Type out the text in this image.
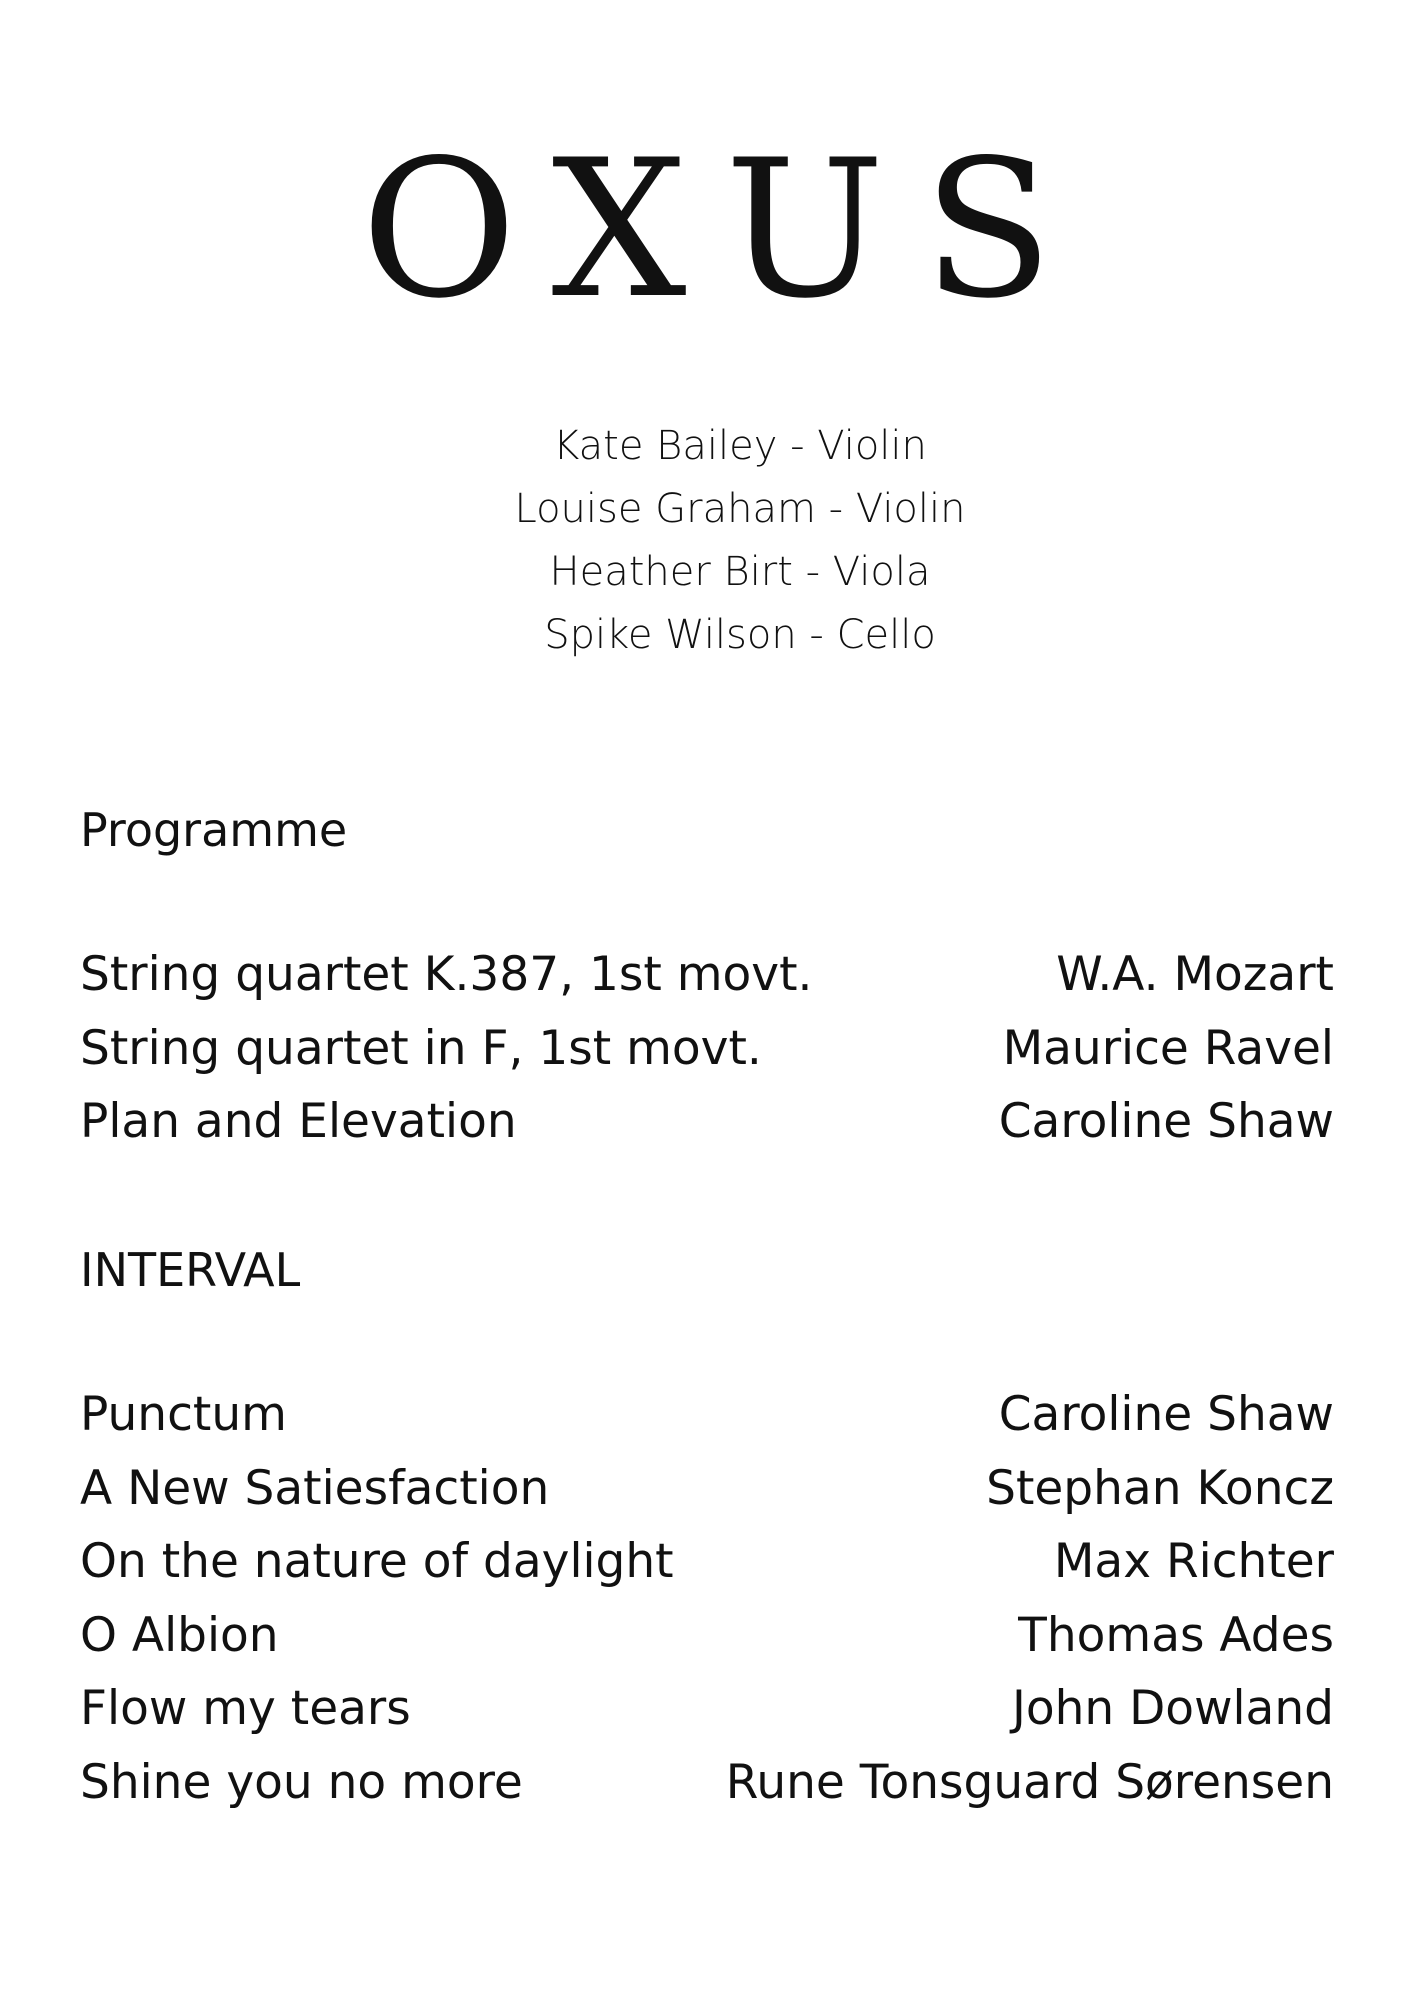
OXUS
Kate Bailey - Violin
Louise Graham - Violin
Heather Birt - Viola
Spike Wilson - Cello
Programme
String quartet K.387, 1st movt.	W.A. Mozart
String quartet in F, 1st movt.	Maurice Ravel
Plan and Elevation	Caroline Shaw
INTERVAL
Punctum	Caroline Shaw
A New Satiesfaction	Stephan Koncz
On the nature of daylight	Max Richter
O Albion	Thomas Ades
Flow my tears	John Dowland
Shine you no more	Rune Tonsguard Sørensen
